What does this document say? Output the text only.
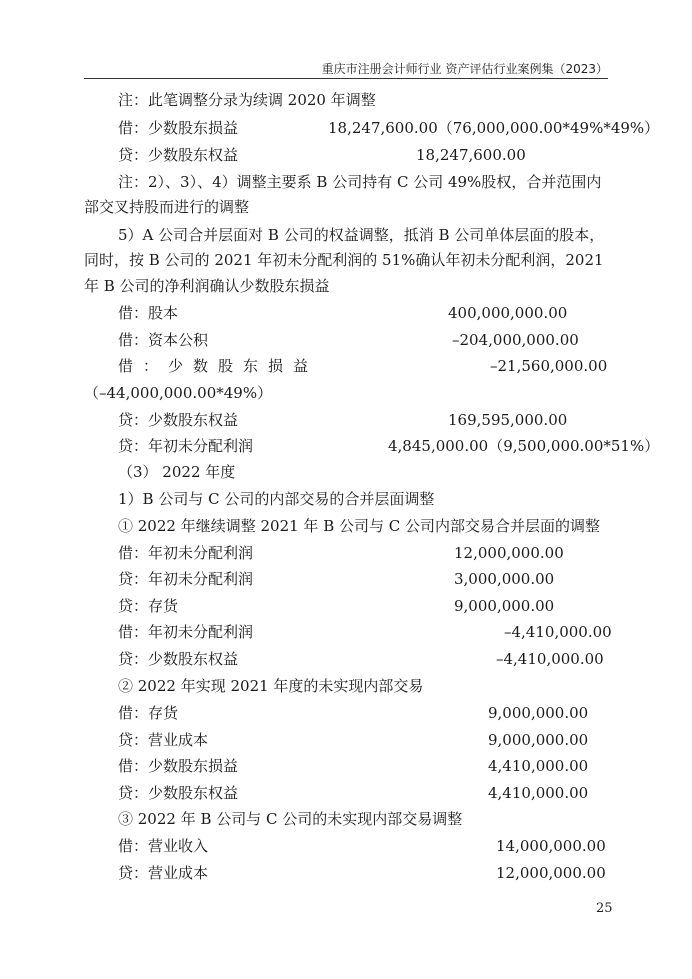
重庆市注册会计师行业 资产评估行业案例集（2023）
注：此笔调整分录为续调 2020 年调整
借：少数股东损益	18,247,600.00（76,000,000.00*49%*49%）
贷：少数股东权益	18,247,600.00
注：2）、3）、4）调整主要系 B 公司持有 C 公司 49%股权，合并范围内
部交叉持股而进行的调整
5）A 公司合并层面对 B 公司的权益调整，抵消 B 公司单体层面的股本，
同时，按 B 公司的 2021 年初未分配利润的 51%确认年初未分配利润，2021
年 B 公司的净利润确认少数股东损益
借：股本	400,000,000.00
借：资本公积	–204,000,000.00
借：少数股东损益	–21,560,000.00
（–44,000,000.00*49%）
贷：少数股东权益	169,595,000.00
贷：年初未分配利润	4,845,000.00（9,500,000.00*51%）
（3） 2022 年度
1）B 公司与 C 公司的内部交易的合并层面调整
① 2022 年继续调整 2021 年 B 公司与 C 公司内部交易合并层面的调整
借：年初未分配利润	12,000,000.00
贷：年初未分配利润	3,000,000.00
贷：存货	9,000,000.00
借：年初未分配利润	–4,410,000.00
贷：少数股东权益	–4,410,000.00
② 2022 年实现 2021 年度的未实现内部交易
借：存货	9,000,000.00
贷：营业成本	9,000,000.00
借：少数股东损益	4,410,000.00
贷：少数股东权益	4,410,000.00
③ 2022 年 B 公司与 C 公司的未实现内部交易调整
借：营业收入	14,000,000.00
贷：营业成本	12,000,000.00
25
